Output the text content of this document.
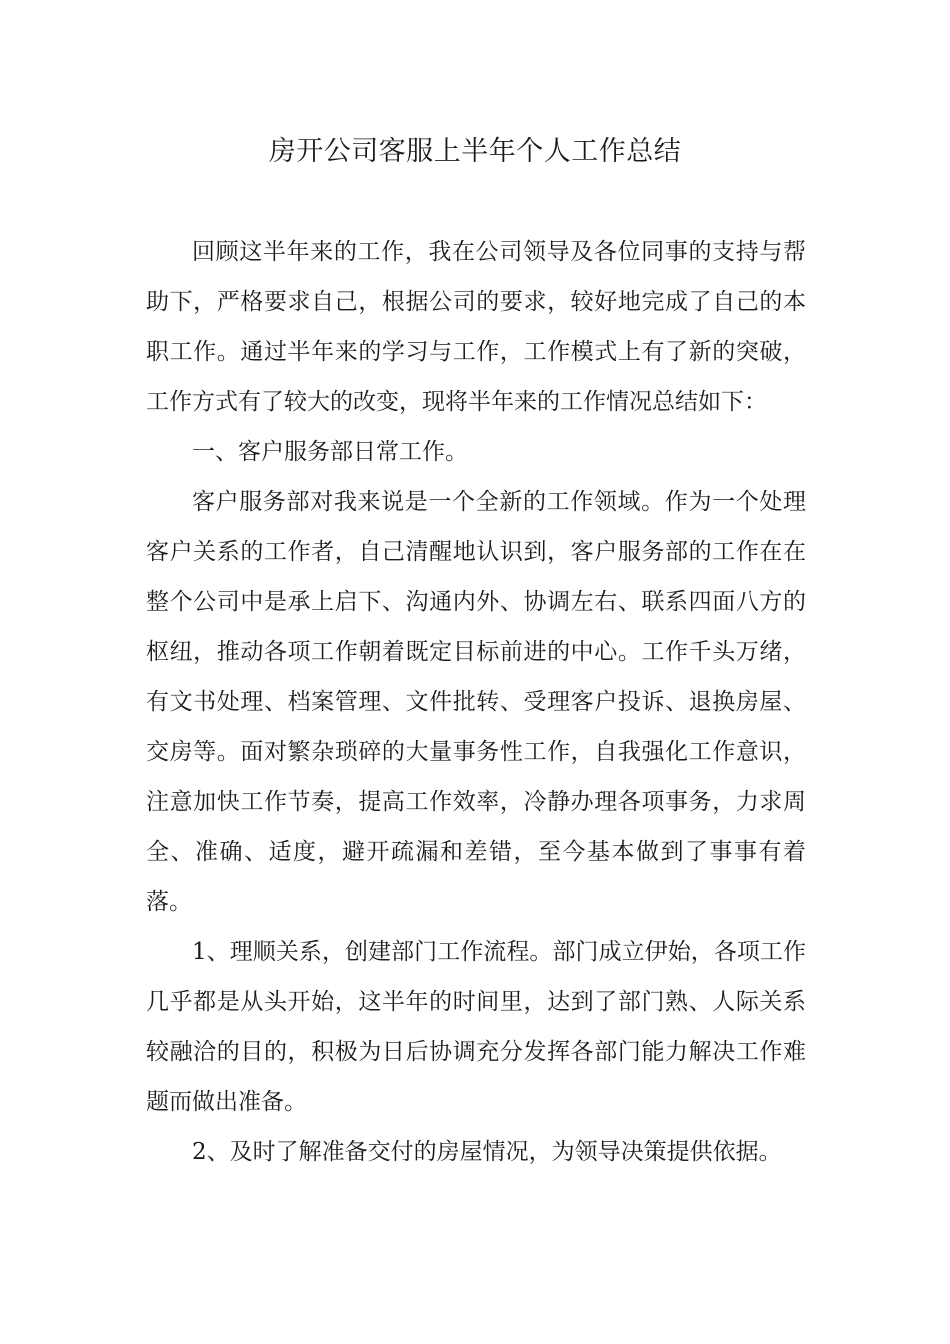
房开公司客服上半年个人工作总结

回顾这半年来的工作，我在公司领导及各位同事的支持与帮助下，严格要求自己，根据公司的要求，较好地完成了自己的本职工作。通过半年来的学习与工作，工作模式上有了新的突破，工作方式有了较大的改变，现将半年来的工作情况总结如下：

一、客户服务部日常工作。

客户服务部对我来说是一个全新的工作领域。作为一个处理客户关系的工作者，自己清醒地认识到，客户服务部的工作在在整个公司中是承上启下、沟通内外、协调左右、联系四面八方的枢纽，推动各项工作朝着既定目标前进的中心。工作千头万绪，有文书处理、档案管理、文件批转、受理客户投诉、退换房屋、交房等。面对繁杂琐碎的大量事务性工作，自我强化工作意识，注意加快工作节奏，提高工作效率，冷静办理各项事务，力求周全、准确、适度，避开疏漏和差错，至今基本做到了事事有着落。

1、理顺关系，创建部门工作流程。部门成立伊始，各项工作几乎都是从头开始，这半年的时间里，达到了部门熟、人际关系较融洽的目的，积极为日后协调充分发挥各部门能力解决工作难题而做出准备。

2、及时了解准备交付的房屋情况，为领导决策提供依据。
